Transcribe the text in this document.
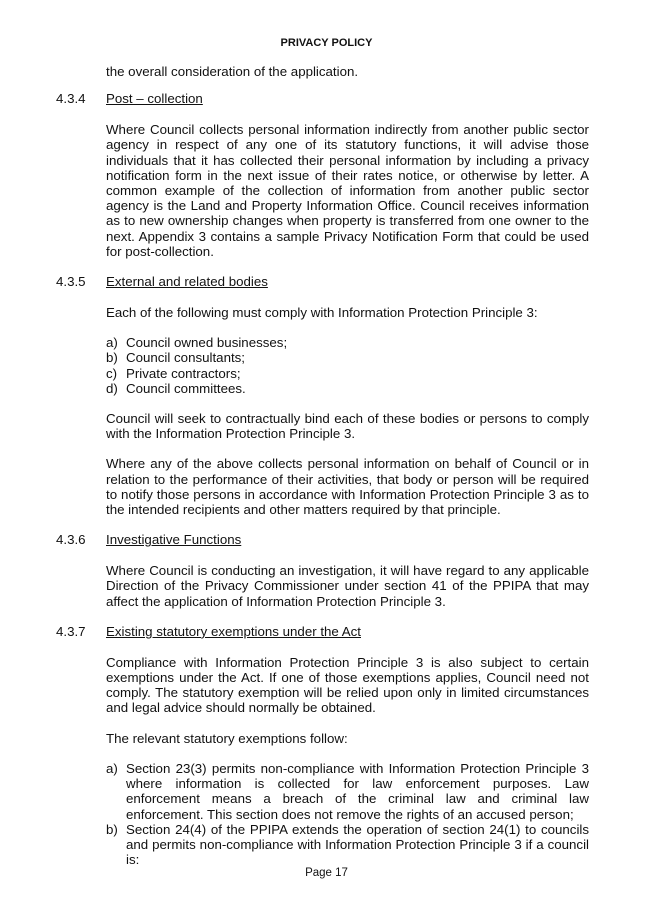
PRIVACY POLICY

the overall consideration of the application.

4.3.4 Post – collection

Where Council collects personal information indirectly from another public sector agency in respect of any one of its statutory functions, it will advise those individuals that it has collected their personal information by including a privacy notification form in the next issue of their rates notice, or otherwise by letter. A common example of the collection of information from another public sector agency is the Land and Property Information Office. Council receives information as to new ownership changes when property is transferred from one owner to the next. Appendix 3 contains a sample Privacy Notification Form that could be used for post-collection.

4.3.5 External and related bodies

Each of the following must comply with Information Protection Principle 3:

a) Council owned businesses;
b) Council consultants;
c) Private contractors;
d) Council committees.

Council will seek to contractually bind each of these bodies or persons to comply with the Information Protection Principle 3.

Where any of the above collects personal information on behalf of Council or in relation to the performance of their activities, that body or person will be required to notify those persons in accordance with Information Protection Principle 3 as to the intended recipients and other matters required by that principle.

4.3.6 Investigative Functions

Where Council is conducting an investigation, it will have regard to any applicable Direction of the Privacy Commissioner under section 41 of the PPIPA that may affect the application of Information Protection Principle 3.

4.3.7 Existing statutory exemptions under the Act

Compliance with Information Protection Principle 3 is also subject to certain exemptions under the Act. If one of those exemptions applies, Council need not comply. The statutory exemption will be relied upon only in limited circumstances and legal advice should normally be obtained.

The relevant statutory exemptions follow:

a) Section 23(3) permits non-compliance with Information Protection Principle 3 where information is collected for law enforcement purposes. Law enforcement means a breach of the criminal law and criminal law enforcement. This section does not remove the rights of an accused person;
b) Section 24(4) of the PPIPA extends the operation of section 24(1) to councils and permits non-compliance with Information Protection Principle 3 if a council is:
Page 17
